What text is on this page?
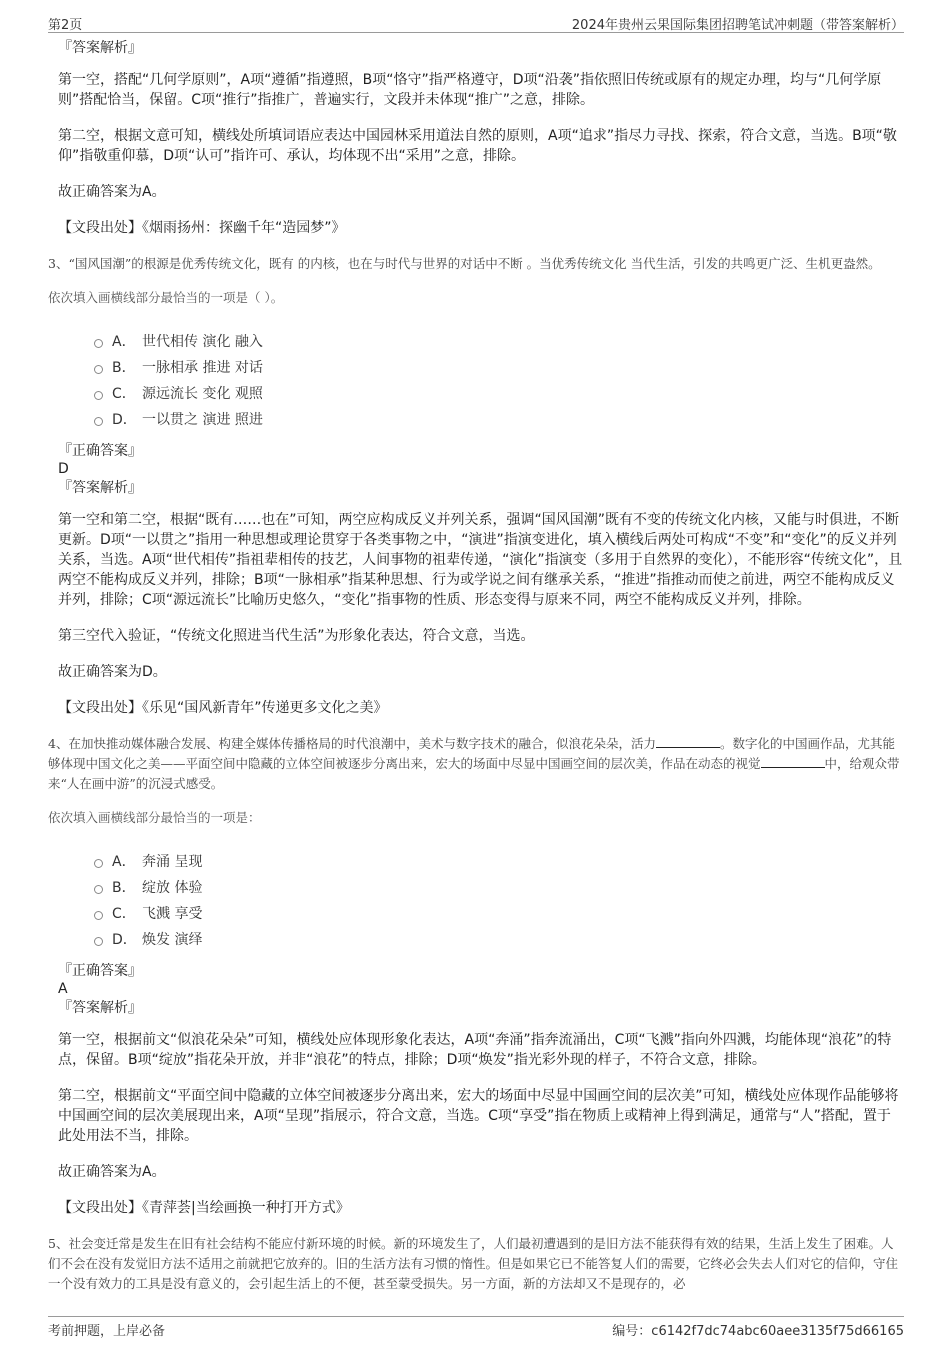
第2页	2024年贵州云果国际集团招聘笔试冲刺题（带答案解析）
『答案解析』
第一空，搭配“几何学原则”，A项“遵循”指遵照，B项“恪守”指严格遵守，D项“沿袭”指依照旧传统或原有的规定办理，均与“几何学原则”搭配恰当，保留。C项“推行”指推广，普遍实行，文段并未体现“推广”之意，排除。
第二空，根据文意可知，横线处所填词语应表达中国园林采用道法自然的原则，A项“追求”指尽力寻找、探索，符合文意，当选。B项“敬仰”指敬重仰慕，D项“认可”指许可、承认，均体现不出“采用”之意，排除。
故正确答案为A。
【文段出处】《烟雨扬州：探幽千年“造园梦”》
3、“国风国潮”的根源是优秀传统文化，既有 的内核，也在与时代与世界的对话中不断 。当优秀传统文化 当代生活，引发的共鸣更广泛、生机更盎然。
依次填入画横线部分最恰当的一项是（ ）。
A． 世代相传 演化 融入
B． 一脉相承 推进 对话
C． 源远流长 变化 观照
D． 一以贯之 演进 照进
『正确答案』
D
『答案解析』
第一空和第二空，根据“既有……也在”可知，两空应构成反义并列关系，强调“国风国潮”既有不变的传统文化内核，又能与时俱进，不断更新。D项“一以贯之”指用一种思想或理论贯穿于各类事物之中，“演进”指演变进化，填入横线后两处可构成“不变”和“变化”的反义并列关系，当选。A项“世代相传”指祖辈相传的技艺，人间事物的祖辈传递，“演化”指演变（多用于自然界的变化），不能形容“传统文化”，且两空不能构成反义并列，排除；B项“一脉相承”指某种思想、行为或学说之间有继承关系，“推进”指推动而使之前进，两空不能构成反义并列，排除；C项“源远流长”比喻历史悠久，“变化”指事物的性质、形态变得与原来不同，两空不能构成反义并列，排除。
第三空代入验证，“传统文化照进当代生活”为形象化表达，符合文意，当选。
故正确答案为D。
【文段出处】《乐见“国风新青年”传递更多文化之美》
4、在加快推动媒体融合发展、构建全媒体传播格局的时代浪潮中，美术与数字技术的融合，似浪花朵朵，活力	。数字化的中国画作品，尤其能够体现中国文化之美——平面空间中隐藏的立体空间被逐步分离出来，宏大的场面中尽显中国画空间的层次美，作品在动态的视觉	中，给观众带来“人在画中游”的沉浸式感受。
依次填入画横线部分最恰当的一项是：
A． 奔涌 呈现
B． 绽放 体验
C． 飞溅 享受
D． 焕发 演绎
『正确答案』
A
『答案解析』
第一空，根据前文“似浪花朵朵”可知，横线处应体现形象化表达，A项“奔涌”指奔流涌出，C项“飞溅”指向外四溅，均能体现“浪花”的特点，保留。B项“绽放”指花朵开放，并非“浪花”的特点，排除；D项“焕发”指光彩外现的样子，不符合文意，排除。
第二空，根据前文“平面空间中隐藏的立体空间被逐步分离出来，宏大的场面中尽显中国画空间的层次美”可知，横线处应体现作品能够将中国画空间的层次美展现出来，A项“呈现”指展示，符合文意，当选。C项“享受”指在物质上或精神上得到满足，通常与“人”搭配，置于此处用法不当，排除。
故正确答案为A。
【文段出处】《青萍荟|当绘画换一种打开方式》
5、社会变迁常是发生在旧有社会结构不能应付新环境的时候。新的环境发生了，人们最初遭遇到的是旧方法不能获得有效的结果，生活上发生了困难。人们不会在没有发觉旧方法不适用之前就把它放弃的。旧的生活方法有习惯的惰性。但是如果它已不能答复人们的需要，它终必会失去人们对它的信仰，守住一个没有效力的工具是没有意义的，会引起生活上的不便，甚至蒙受损失。另一方面，新的方法却又不是现存的，必
考前押题，上岸必备	编号：c6142f7dc74abc60aee3135f75d66165
